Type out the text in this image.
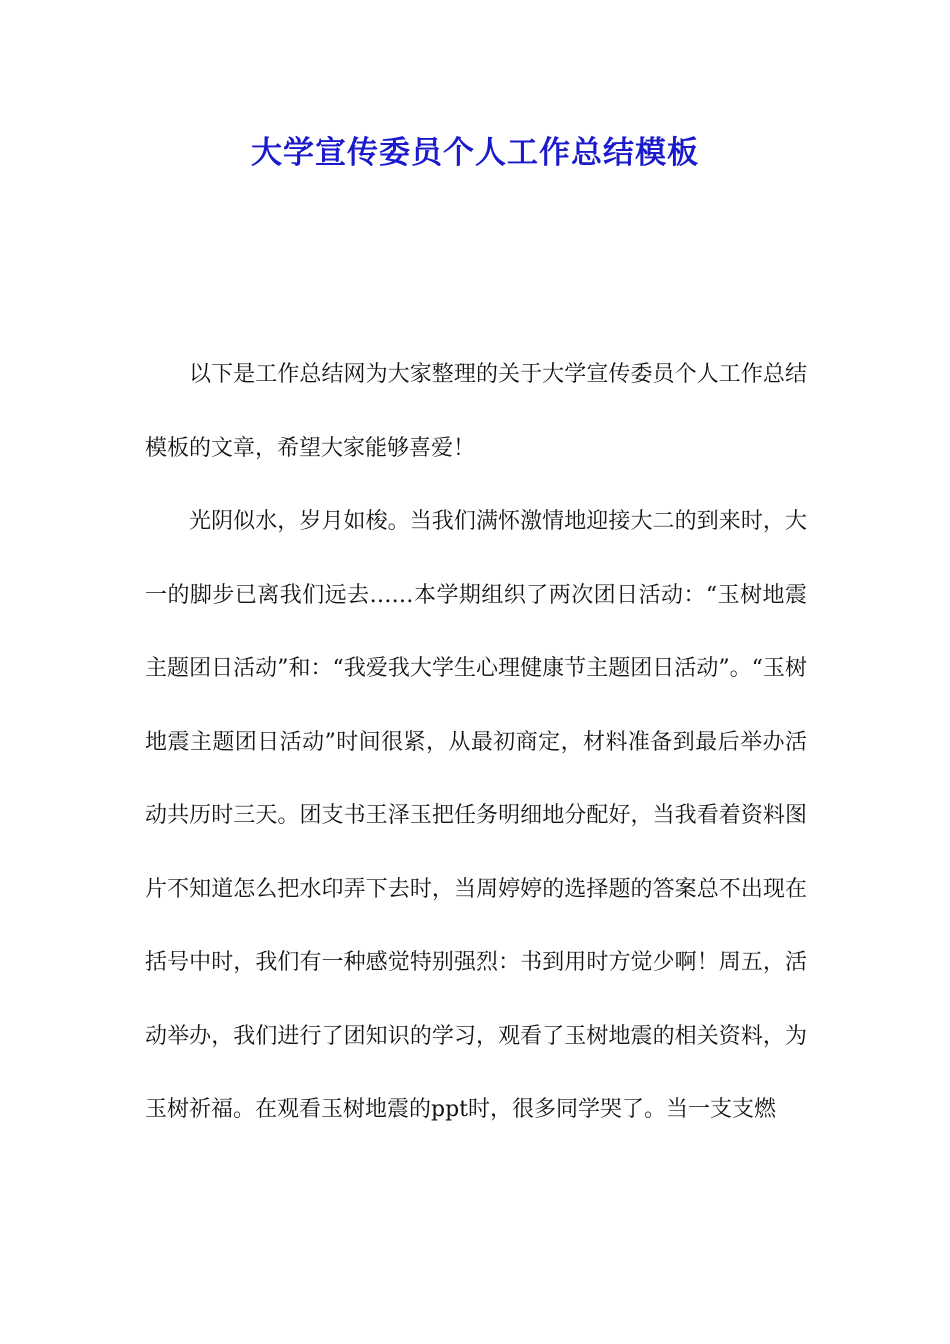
大学宣传委员个人工作总结模板

以下是工作总结网为大家整理的关于大学宣传委员个人工作总结模板的文章，希望大家能够喜爱！

光阴似水，岁月如梭。当我们满怀激情地迎接大二的到来时，大一的脚步已离我们远去……本学期组织了两次团日活动：“玉树地震主题团日活动”和：“我爱我大学生心理健康节主题团日活动”。“玉树地震主题团日活动”时间很紧，从最初商定，材料准备到最后举办活动共历时三天。团支书王泽玉把任务明细地分配好，当我看着资料图片不知道怎么把水印弄下去时，当周婷婷的选择题的答案总不出现在括号中时，我们有一种感觉特别强烈：书到用时方觉少啊！周五，活动举办，我们进行了团知识的学习，观看了玉树地震的相关资料，为玉树祈福。在观看玉树地震的ppt时，很多同学哭了。当一支支燃
